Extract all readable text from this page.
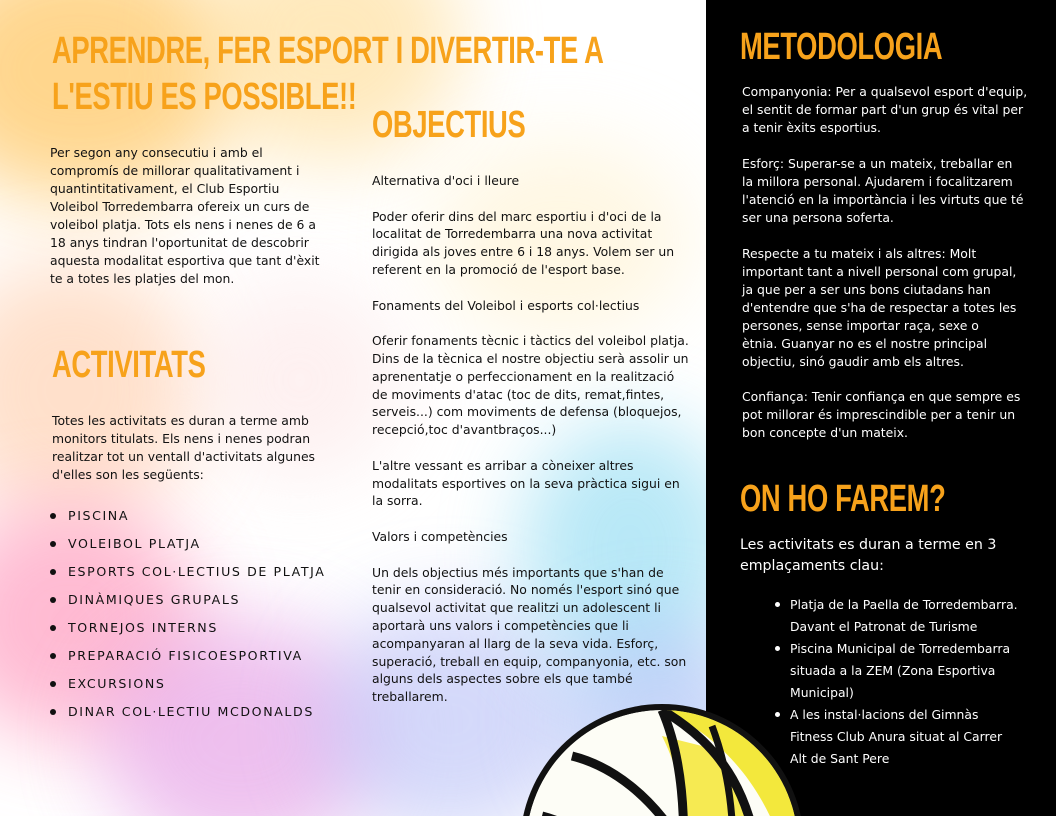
APRENDRE, FER ESPORT I DIVERTIR-TE A
L'ESTIU ES POSSIBLE!!
Per segon any consecutiu i amb el
compromís de millorar qualitativament i
quantintitativament, el Club Esportiu
Voleibol Torredembarra ofereix un curs de
voleibol platja. Tots els nens i nenes de 6 a
18 anys tindran l'oportunitat de descobrir
aquesta modalitat esportiva que tant d'èxit
te a totes les platjes del mon.
ACTIVITATS
Totes les activitats es duran a terme amb
monitors titulats. Els nens i nenes podran
realitzar tot un ventall d'activitats algunes
d'elles son les següents:
PISCINA
VOLEIBOL PLATJA
ESPORTS COL·LECTIUS DE PLATJA
DINÀMIQUES GRUPALS
TORNEJOS INTERNS
PREPARACIÓ FISICOESPORTIVA
EXCURSIONS
DINAR COL·LECTIU MCDONALDS
OBJECTIUS
Alternativa d'oci i lleure
Poder oferir dins del marc esportiu i d'oci de la
localitat de Torredembarra una nova activitat
dirigida als joves entre 6 i 18 anys. Volem ser un
referent en la promoció de l'esport base.
Fonaments del Voleibol i esports col·lectius
Oferir fonaments tècnic i tàctics del voleibol platja.
Dins de la tècnica el nostre objectiu serà assolir un
aprenentatje o perfeccionament en la realització
de moviments d'atac (toc de dits, remat,fintes,
serveis...) com moviments de defensa (bloquejos,
recepció,toc d'avantbraços...)
L'altre vessant es arribar a còneixer altres
modalitats esportives on la seva pràctica sigui en
la sorra.
Valors i competències
Un dels objectius més importants que s'han de
tenir en consideració. No només l'esport sinó que
qualsevol activitat que realitzi un adolescent li
aportarà uns valors i competències que li
acompanyaran al llarg de la seva vida. Esforç,
superació, treball en equip, companyonia, etc. son
alguns dels aspectes sobre els que també
treballarem.
METODOLOGIA
Companyonia: Per a qualsevol esport d'equip,
el sentit de formar part d'un grup és vital per
a tenir èxits esportius.
Esforç: Superar-se a un mateix, treballar en
la millora personal. Ajudarem i focalitzarem
l'atenció en la importància i les virtuts que té
ser una persona soferta.
Respecte a tu mateix i als altres: Molt
important tant a nivell personal com grupal,
ja que per a ser uns bons ciutadans han
d'entendre que s'ha de respectar a totes les
persones, sense importar raça, sexe o
ètnia. Guanyar no es el nostre principal
objectiu, sinó gaudir amb els altres.
Confiança: Tenir confiança en que sempre es
pot millorar és imprescindible per a tenir un
bon concepte d'un mateix.
ON HO FAREM?
Les activitats es duran a terme en 3
emplaçaments clau:
Platja de la Paella de Torredembarra.
Davant el Patronat de Turisme
Piscina Municipal de Torredembarra
situada a la ZEM (Zona Esportiva
Municipal)
A les instal·lacions del Gimnàs
Fitness Club Anura situat al Carrer
Alt de Sant Pere
